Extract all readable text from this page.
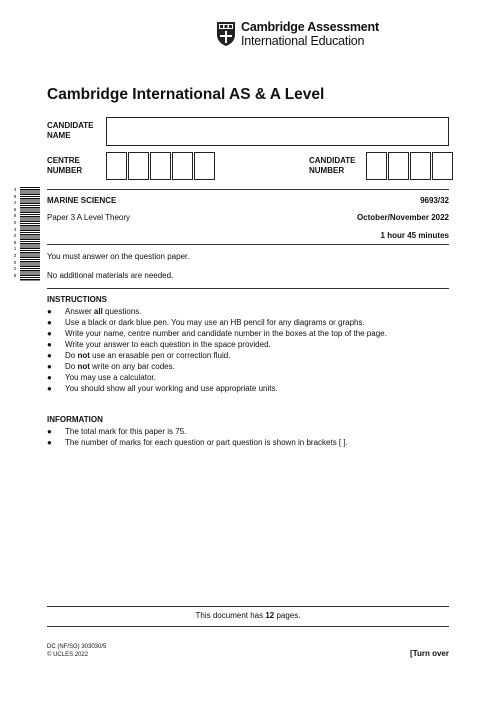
Cambridge Assessment
International Education
Cambridge International AS & A Level
CANDIDATE
NAME
CENTRE
NUMBER
CANDIDATE
NUMBER
4
9
2
6
8
0
4
0
8
1
3
0
2
8
MARINE SCIENCE	9693/32
Paper 3 A Level Theory	October/November 2022
1 hour 45 minutes
You must answer on the question paper.
No additional materials are needed.
INSTRUCTIONS
● Answer all questions.
● Use a black or dark blue pen. You may use an HB pencil for any diagrams or graphs.
● Write your name, centre number and candidate number in the boxes at the top of the page.
● Write your answer to each question in the space provided.
● Do not use an erasable pen or correction fluid.
● Do not write on any bar codes.
● You may use a calculator.
● You should show all your working and use appropriate units.
INFORMATION
● The total mark for this paper is 75.
● The number of marks for each question or part question is shown in brackets [ ].
This document has 12 pages.
DC (NF/SG) 303030/5
© UCLES 2022	[Turn over
